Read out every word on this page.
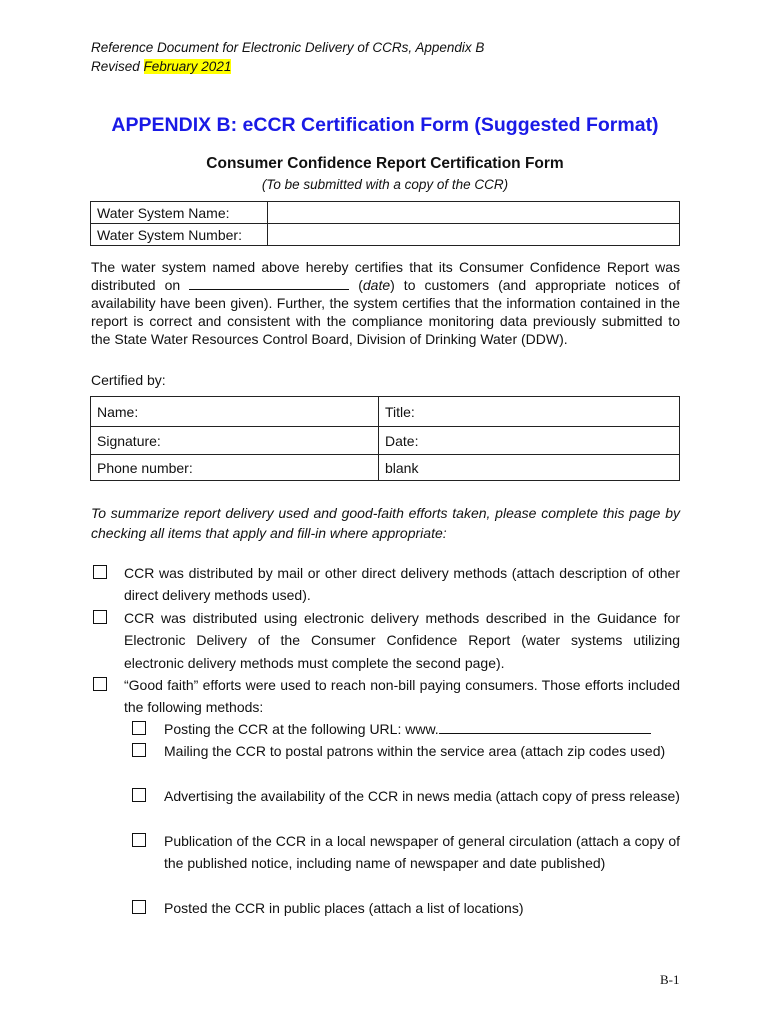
Reference Document for Electronic Delivery of CCRs, Appendix B
Revised February 2021
APPENDIX B: eCCR Certification Form (Suggested Format)
Consumer Confidence Report Certification Form
(To be submitted with a copy of the CCR)
Water System Name:	
Water System Number:	
The water system named above hereby certifies that its Consumer Confidence Report was distributed on	(date) to customers (and appropriate notices of availability have been given). Further, the system certifies that the information contained in the report is correct and consistent with the compliance monitoring data previously submitted to the State Water Resources Control Board, Division of Drinking Water (DDW).
Certified by:
Name:	Title:
Signature:	Date:
Phone number:	blank
To summarize report delivery used and good-faith efforts taken, please complete this page by checking all items that apply and fill-in where appropriate:
CCR was distributed by mail or other direct delivery methods (attach description of other direct delivery methods used).
CCR was distributed using electronic delivery methods described in the Guidance for Electronic Delivery of the Consumer Confidence Report (water systems utilizing electronic delivery methods must complete the second page).
“Good faith” efforts were used to reach non-bill paying consumers. Those efforts included the following methods:
Posting the CCR at the following URL: www.
Mailing the CCR to postal patrons within the service area (attach zip codes used)
Advertising the availability of the CCR in news media (attach copy of press release)
Publication of the CCR in a local newspaper of general circulation (attach a copy of the published notice, including name of newspaper and date published)
Posted the CCR in public places (attach a list of locations)
B-1
